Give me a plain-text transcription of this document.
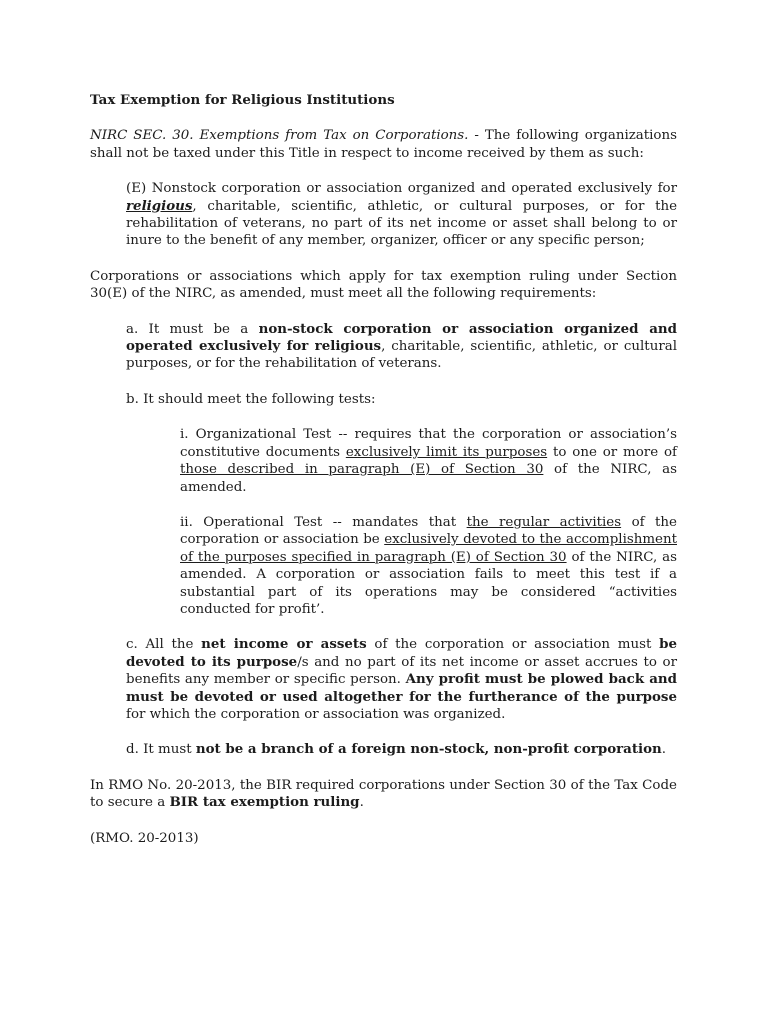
Tax Exemption for Religious Institutions

NIRC SEC. 30. Exemptions from Tax on Corporations. - The following organizations shall not be taxed under this Title in respect to income received by them as such:

(E) Nonstock corporation or association organized and operated exclusively for religious, charitable, scientific, athletic, or cultural purposes, or for the rehabilitation of veterans, no part of its net income or asset shall belong to or inure to the benefit of any member, organizer, officer or any specific person;

Corporations or associations which apply for tax exemption ruling under Section 30(E) of the NIRC, as amended, must meet all the following requirements:

a. It must be a non-stock corporation or association organized and operated exclusively for religious, charitable, scientific, athletic, or cultural purposes, or for the rehabilitation of veterans.

b. It should meet the following tests:

i. Organizational Test -- requires that the corporation or association’s constitutive documents exclusively limit its purposes to one or more of those described in paragraph (E) of Section 30 of the NIRC, as amended.

ii. Operational Test -- mandates that the regular activities of the corporation or association be exclusively devoted to the accomplishment of the purposes specified in paragraph (E) of Section 30 of the NIRC, as amended. A corporation or association fails to meet this test if a substantial part of its operations may be considered “activities conducted for profit’.

c. All the net income or assets of the corporation or association must be devoted to its purpose/s and no part of its net income or asset accrues to or benefits any member or specific person. Any profit must be plowed back and must be devoted or used altogether for the furtherance of the purpose for which the corporation or association was organized.

d. It must not be a branch of a foreign non-stock, non-profit corporation.

In RMO No. 20-2013, the BIR required corporations under Section 30 of the Tax Code to secure a BIR tax exemption ruling.

(RMO. 20-2013)
